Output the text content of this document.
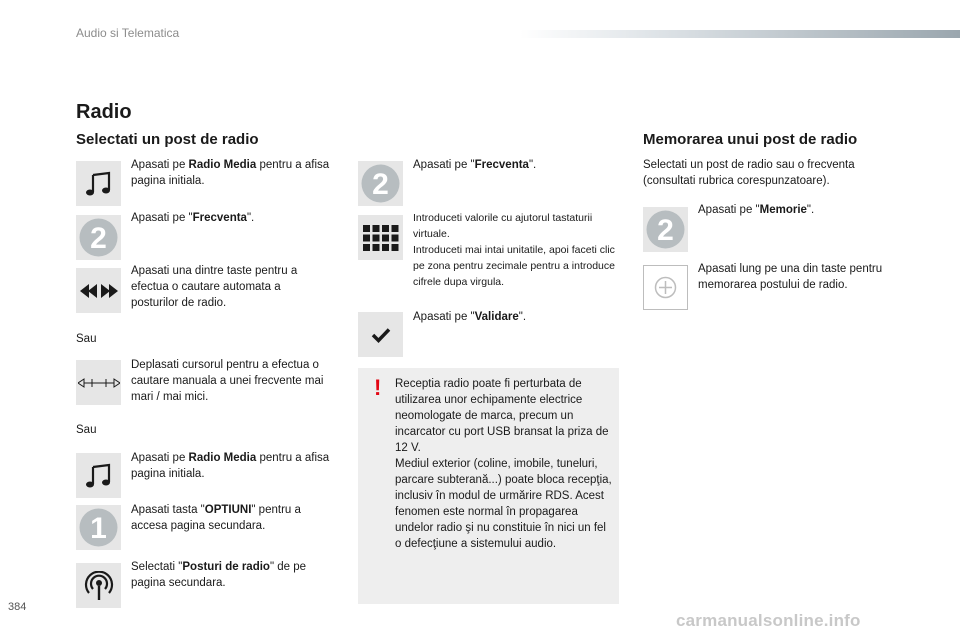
Audio si Telematica
Radio
Selectati un post de radio
Apasati pe Radio Media pentru a afisa pagina initiala.
2
Apasati pe "Frecventa".
Apasati una dintre taste pentru a efectua o cautare automata a posturilor de radio.
Sau
Deplasati cursorul pentru a efectua o cautare manuala a unei frecvente mai mari / mai mici.
Sau
Apasati pe Radio Media pentru a afisa pagina initiala.
1
Apasati tasta "OPTIUNI" pentru a accesa pagina secundara.
Selectati "Posturi de radio" de pe pagina secundara.
2
Apasati pe "Frecventa".
Introduceti valorile cu ajutorul tastaturii virtuale.
Introduceti mai intai unitatile, apoi faceti clic pe zona pentru zecimale pentru a introduce cifrele dupa virgula.
Apasati pe "Validare".
! Receptia radio poate fi perturbata de utilizarea unor echipamente electrice neomologate de marca, precum un incarcator cu port USB bransat la priza de 12 V.
Mediul exterior (coline, imobile, tuneluri, parcare subterană...) poate bloca recepţia, inclusiv în modul de urmărire RDS. Acest fenomen este normal în propagarea undelor radio şi nu constituie în nici un fel o defecţiune a sistemului audio.
Memorarea unui post de radio
Selectati un post de radio sau o frecventa (consultati rubrica corespunzatoare).
2
Apasati pe "Memorie".
Apasati lung pe una din taste pentru memorarea postului de radio.
384
carmanualsonline.info
